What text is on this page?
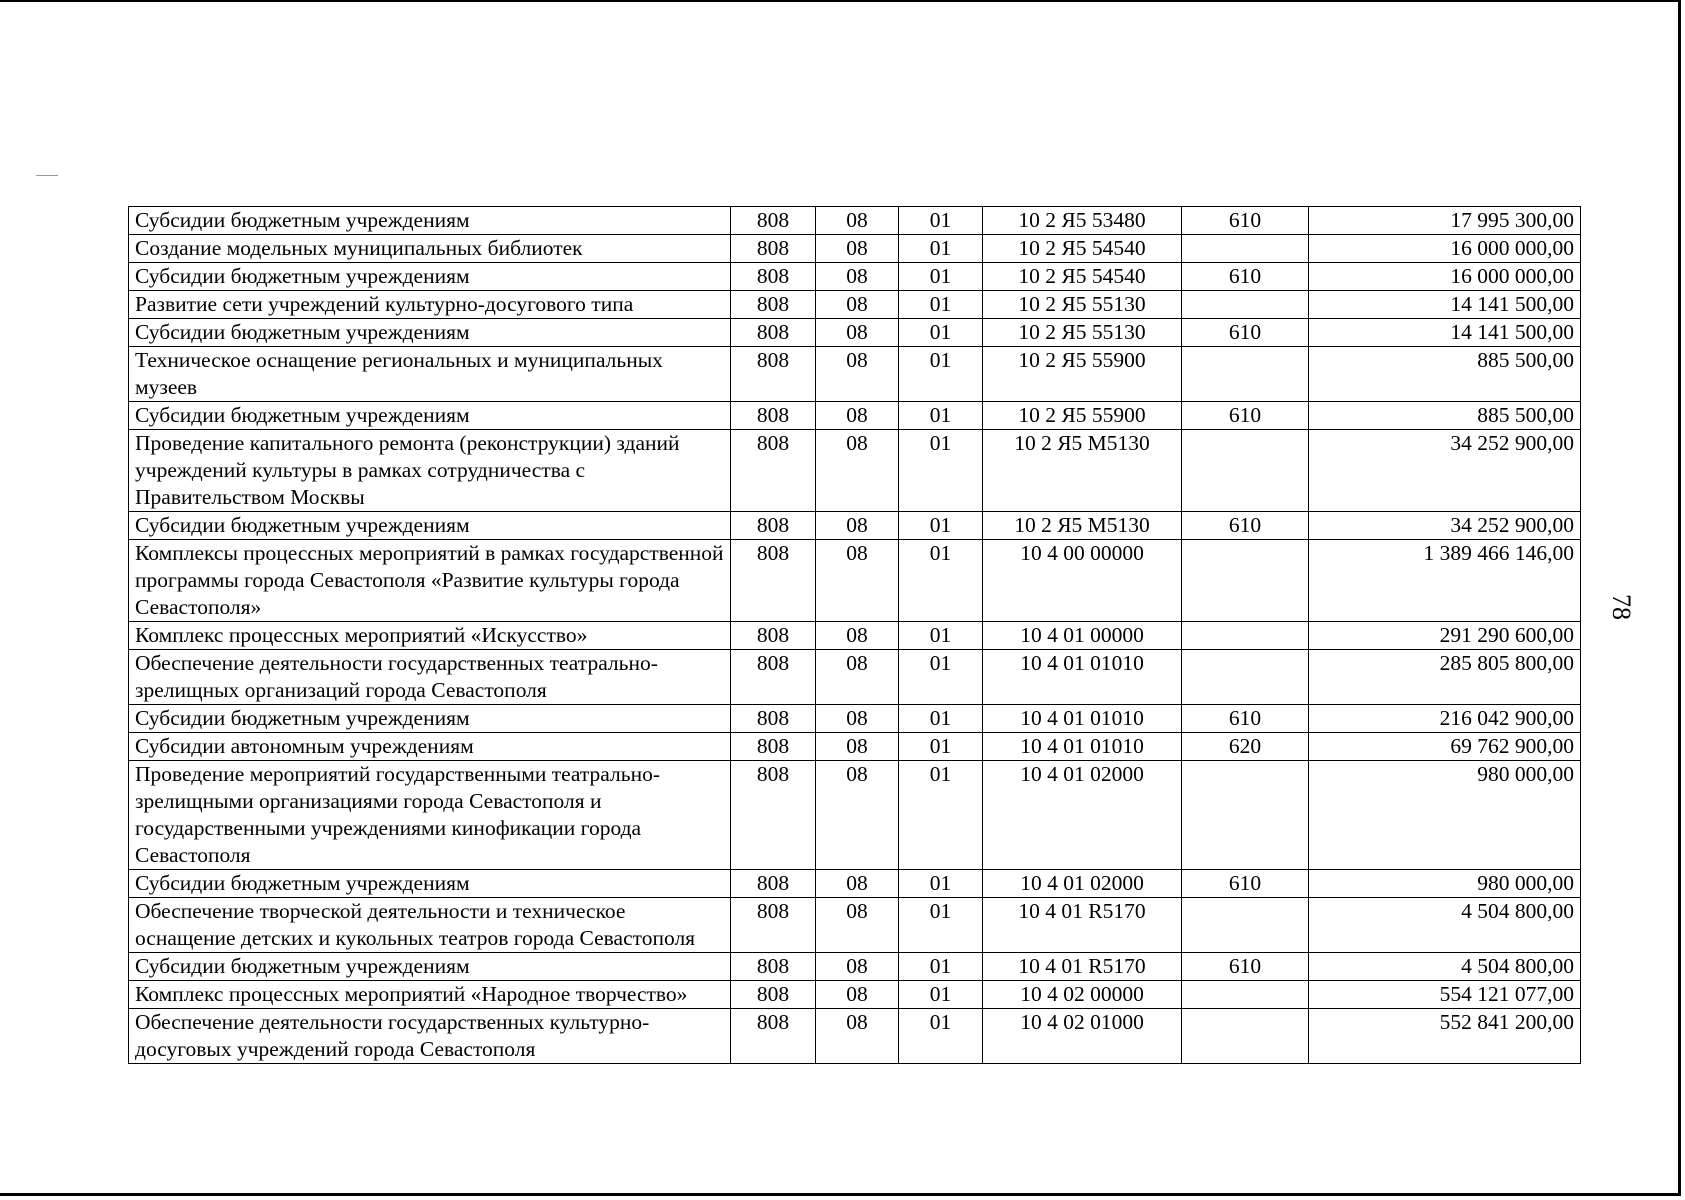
78
Субсидии бюджетным учреждениям	808	08	01	10 2 Я5 53480	610	17 995 300,00
Создание модельных муниципальных библиотек	808	08	01	10 2 Я5 54540		16 000 000,00
Субсидии бюджетным учреждениям	808	08	01	10 2 Я5 54540	610	16 000 000,00
Развитие сети учреждений культурно-досугового типа	808	08	01	10 2 Я5 55130		14 141 500,00
Субсидии бюджетным учреждениям	808	08	01	10 2 Я5 55130	610	14 141 500,00
Техническое оснащение региональных и муниципальных музеев	808	08	01	10 2 Я5 55900		885 500,00
Субсидии бюджетным учреждениям	808	08	01	10 2 Я5 55900	610	885 500,00
Проведение капитального ремонта (реконструкции) зданий учреждений культуры в рамках сотрудничества с Правительством Москвы	808	08	01	10 2 Я5 M5130		34 252 900,00
Субсидии бюджетным учреждениям	808	08	01	10 2 Я5 M5130	610	34 252 900,00
Комплексы процессных мероприятий в рамках государственной программы города Севастополя «Развитие культуры города Севастополя»	808	08	01	10 4 00 00000		1 389 466 146,00
Комплекс процессных мероприятий «Искусство»	808	08	01	10 4 01 00000		291 290 600,00
Обеспечение деятельности государственных театрально-зрелищных организаций города Севастополя	808	08	01	10 4 01 01010		285 805 800,00
Субсидии бюджетным учреждениям	808	08	01	10 4 01 01010	610	216 042 900,00
Субсидии автономным учреждениям	808	08	01	10 4 01 01010	620	69 762 900,00
Проведение мероприятий государственными театрально-зрелищными организациями города Севастополя и государственными учреждениями кинофикации города Севастополя	808	08	01	10 4 01 02000		980 000,00
Субсидии бюджетным учреждениям	808	08	01	10 4 01 02000	610	980 000,00
Обеспечение творческой деятельности и техническое оснащение детских и кукольных театров города Севастополя	808	08	01	10 4 01 R5170		4 504 800,00
Субсидии бюджетным учреждениям	808	08	01	10 4 01 R5170	610	4 504 800,00
Комплекс процессных мероприятий «Народное творчество»	808	08	01	10 4 02 00000		554 121 077,00
Обеспечение деятельности государственных культурно-досуговых учреждений города Севастополя	808	08	01	10 4 02 01000		552 841 200,00
